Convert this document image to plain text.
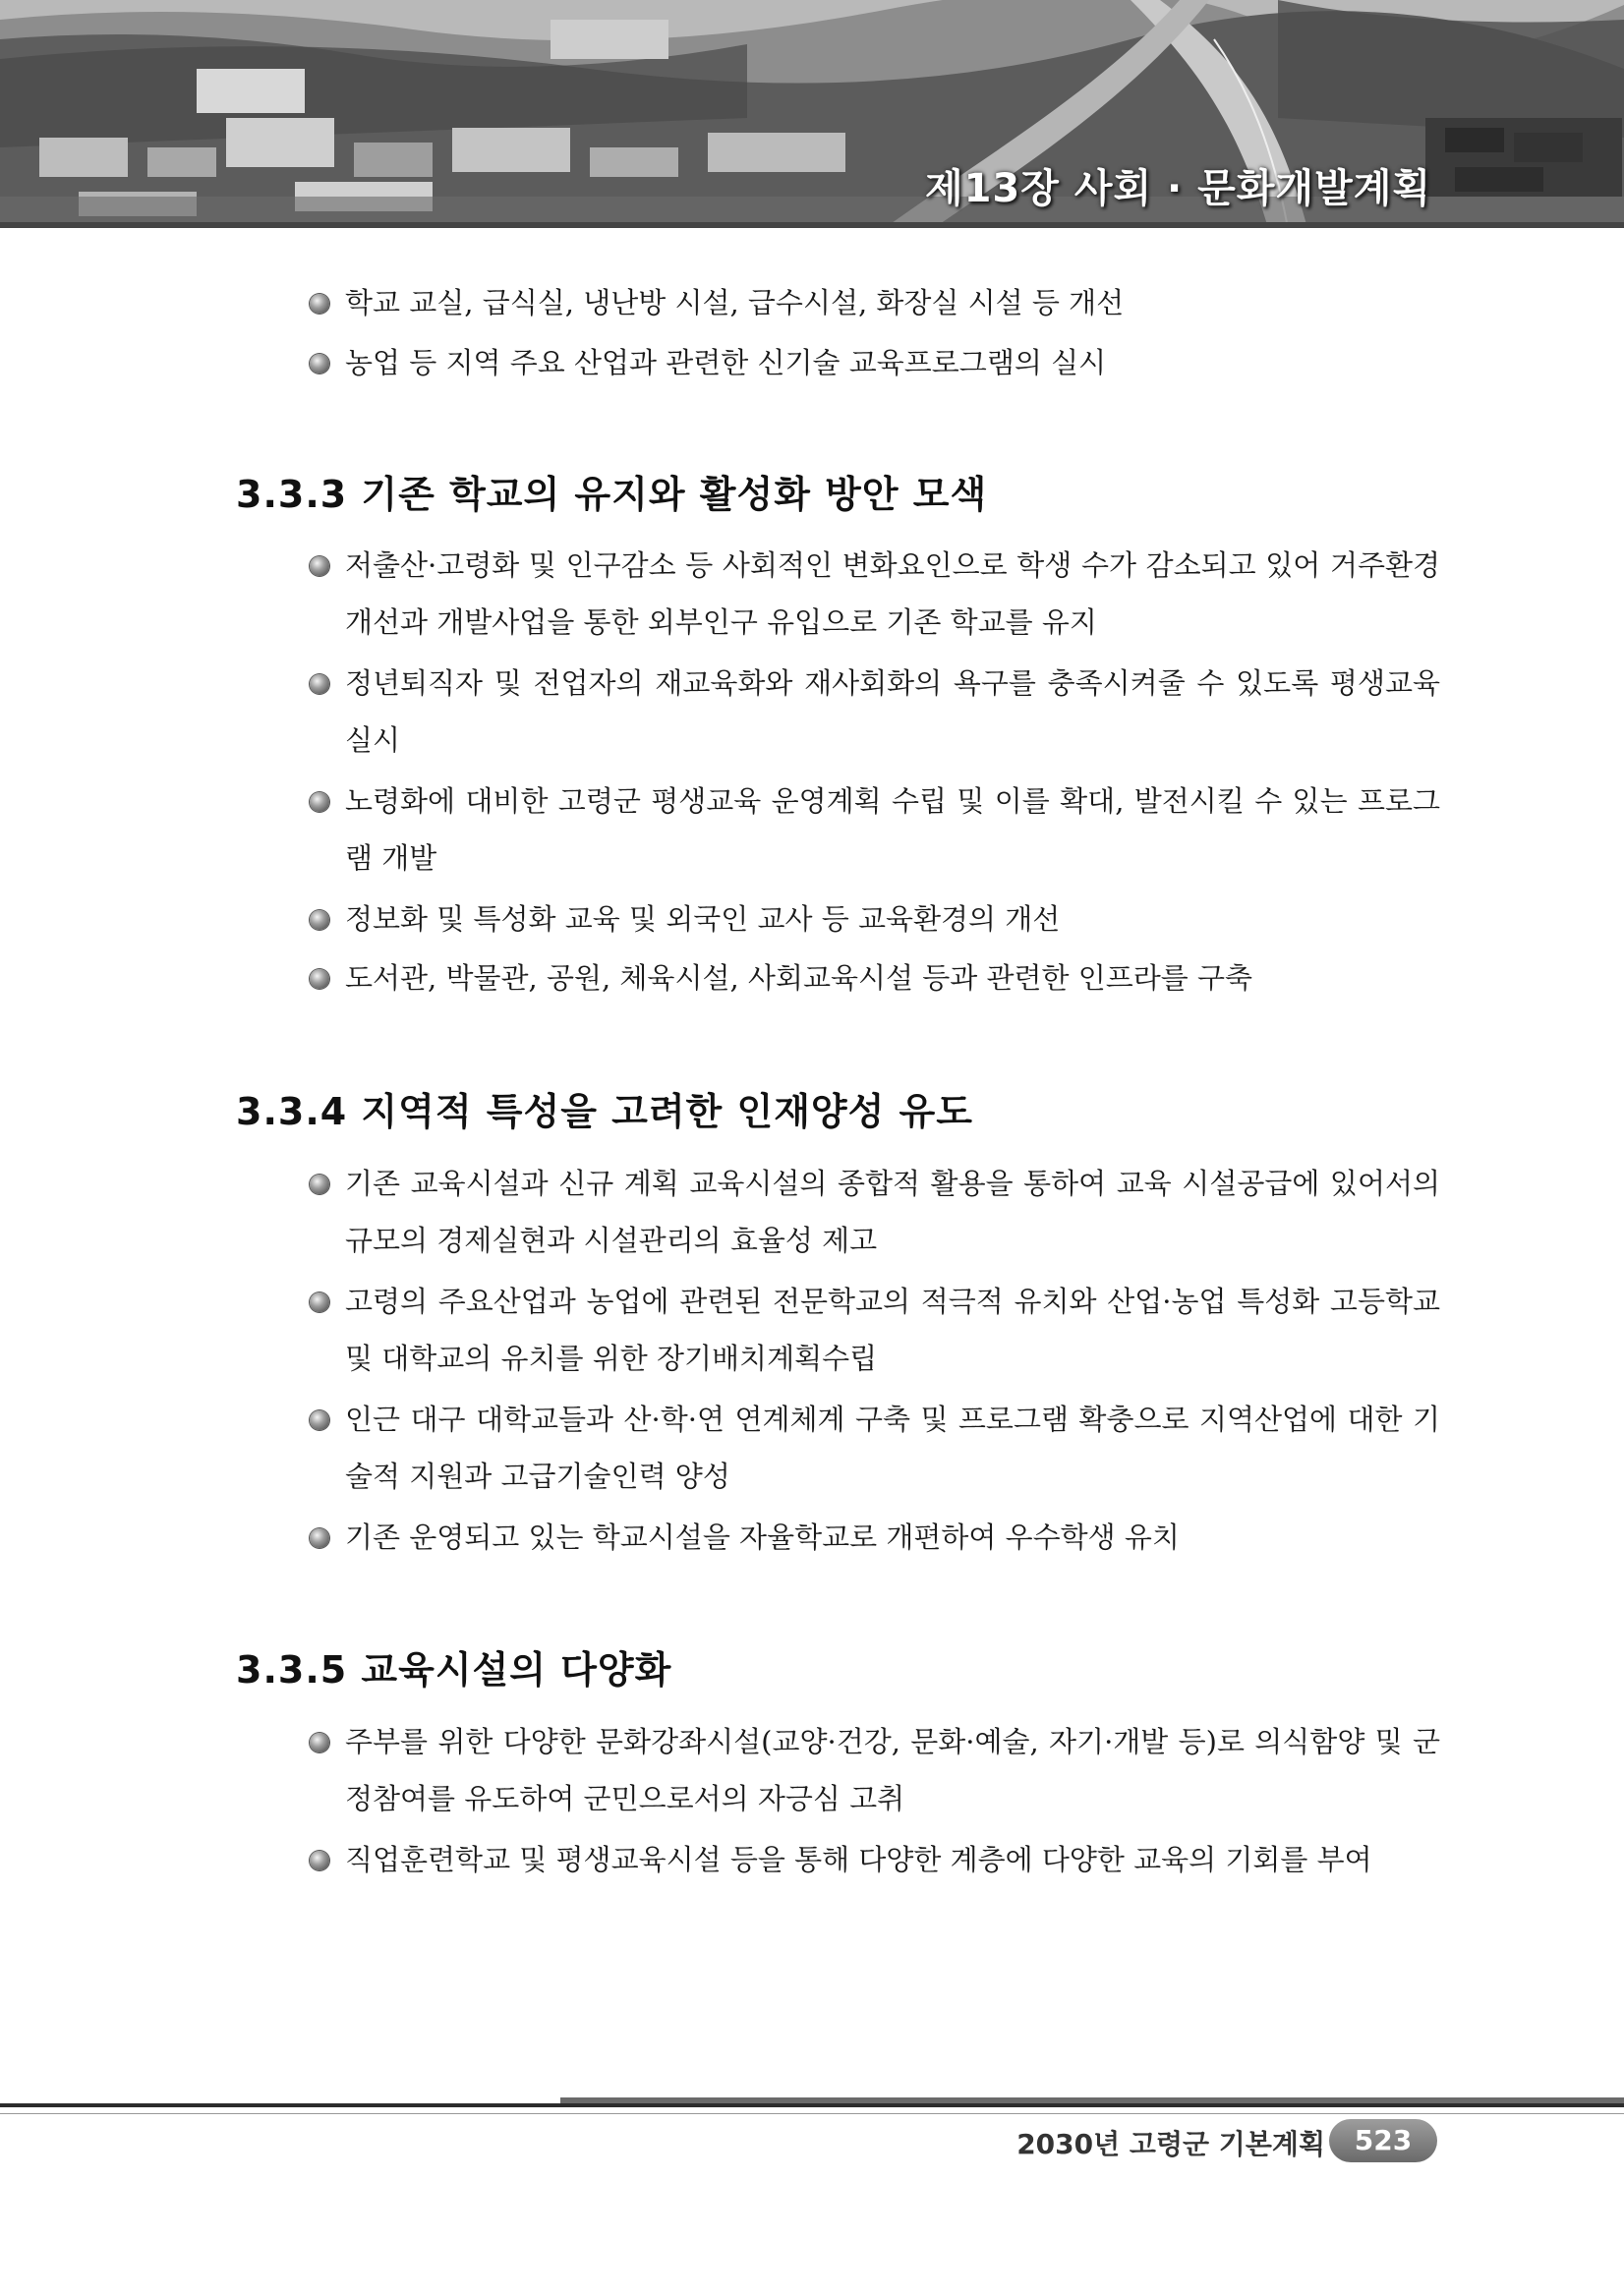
제13장 사회 · 문화개발계획
학교 교실, 급식실, 냉난방 시설, 급수시설, 화장실 시설 등 개선
농업 등 지역 주요 산업과 관련한 신기술 교육프로그램의 실시
3.3.3 기존 학교의 유지와 활성화 방안 모색
저출산·고령화 및 인구감소 등 사회적인 변화요인으로 학생 수가 감소되고 있어 거주환경 개선과 개발사업을 통한 외부인구 유입으로 기존 학교를 유지
정년퇴직자 및 전업자의 재교육화와 재사회화의 욕구를 충족시켜줄 수 있도록 평생교육 실시
노령화에 대비한 고령군 평생교육 운영계획 수립 및 이를 확대, 발전시킬 수 있는 프로그램 개발
정보화 및 특성화 교육 및 외국인 교사 등 교육환경의 개선
도서관, 박물관, 공원, 체육시설, 사회교육시설 등과 관련한 인프라를 구축
3.3.4 지역적 특성을 고려한 인재양성 유도
기존 교육시설과 신규 계획 교육시설의 종합적 활용을 통하여 교육 시설공급에 있어서의 규모의 경제실현과 시설관리의 효율성 제고
고령의 주요산업과 농업에 관련된 전문학교의 적극적 유치와 산업·농업 특성화 고등학교 및 대학교의 유치를 위한 장기배치계획수립
인근 대구 대학교들과 산·학·연 연계체계 구축 및 프로그램 확충으로 지역산업에 대한 기술적 지원과 고급기술인력 양성
기존 운영되고 있는 학교시설을 자율학교로 개편하여 우수학생 유치
3.3.5 교육시설의 다양화
주부를 위한 다양한 문화강좌시설(교양·건강, 문화·예술, 자기·개발 등)로 의식함양 및 군정참여를 유도하여 군민으로서의 자긍심 고취
직업훈련학교 및 평생교육시설 등을 통해 다양한 계층에 다양한 교육의 기회를 부여
2030년 고령군 기본계획	523
